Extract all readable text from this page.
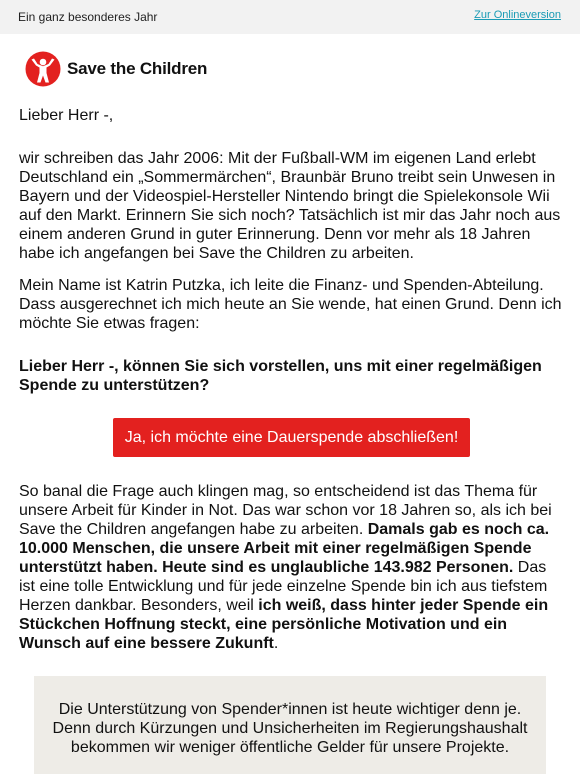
Ein ganz besonderes Jahr	Zur Onlineversion
Save the Children

Lieber Herr -,

wir schreiben das Jahr 2006: Mit der Fußball-WM im eigenen Land erlebt Deutschland ein „Sommermärchen“, Braunbär Bruno treibt sein Unwesen in Bayern und der Videospiel-Hersteller Nintendo bringt die Spielekonsole Wii auf den Markt. Erinnern Sie sich noch? Tatsächlich ist mir das Jahr noch aus einem anderen Grund in guter Erinnerung. Denn vor mehr als 18 Jahren habe ich angefangen bei Save the Children zu arbeiten.

Mein Name ist Katrin Putzka, ich leite die Finanz- und Spenden-Abteilung. Dass ausgerechnet ich mich heute an Sie wende, hat einen Grund. Denn ich möchte Sie etwas fragen:

Lieber Herr -, können Sie sich vorstellen, uns mit einer regelmäßigen Spende zu unterstützen?

Ja, ich möchte eine Dauerspende abschließen!

So banal die Frage auch klingen mag, so entscheidend ist das Thema für unsere Arbeit für Kinder in Not. Das war schon vor 18 Jahren so, als ich bei Save the Children angefangen habe zu arbeiten. Damals gab es noch ca. 10.000 Menschen, die unsere Arbeit mit einer regelmäßigen Spende unterstützt haben. Heute sind es unglaubliche 143.982 Personen. Das ist eine tolle Entwicklung und für jede einzelne Spende bin ich aus tiefstem Herzen dankbar. Besonders, weil ich weiß, dass hinter jeder Spende ein Stückchen Hoffnung steckt, eine persönliche Motivation und ein Wunsch auf eine bessere Zukunft.

Die Unterstützung von Spender*innen ist heute wichtiger denn je. Denn durch Kürzungen und Unsicherheiten im Regierungshaushalt bekommen wir weniger öffentliche Gelder für unsere Projekte.
